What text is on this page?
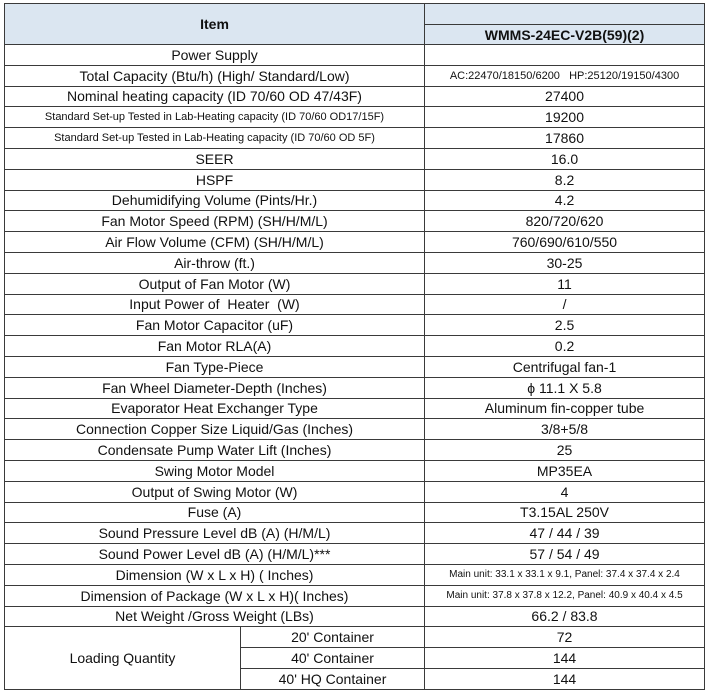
Item		
		WMMS-24EC-V2B(59)(2)
Power Supply		
Total Capacity (Btu/h) (High/ Standard/Low)		AC:22470/18150/6200   HP:25120/19150/4300
Nominal heating capacity (ID 70/60 OD 47/43F)		27400
Standard Set-up Tested in Lab-Heating capacity (ID 70/60 OD17/15F)		19200
Standard Set-up Tested in Lab-Heating capacity (ID 70/60 OD 5F)		17860
SEER		16.0
HSPF		8.2
Dehumidifying Volume (Pints/Hr.)		4.2
Fan Motor Speed (RPM) (SH/H/M/L)		820/720/620
Air Flow Volume (CFM) (SH/H/M/L)		760/690/610/550
Air-throw (ft.)		30-25
Output of Fan Motor (W)		11
Input Power of  Heater  (W)		/
Fan Motor Capacitor (uF)		2.5
Fan Motor RLA(A)		0.2
Fan Type-Piece		Centrifugal fan-1
Fan Wheel Diameter-Depth (Inches)		ϕ 11.1 X 5.8
Evaporator Heat Exchanger Type		Aluminum fin-copper tube
Connection Copper Size Liquid/Gas (Inches)		3/8+5/8
Condensate Pump Water Lift (Inches)		25
Swing Motor Model		MP35EA
Output of Swing Motor (W)		4
Fuse (A)		T3.15AL 250V
Sound Pressure Level dB (A) (H/M/L)		47 / 44 / 39
Sound Power Level dB (A) (H/M/L)***		57 / 54 / 49
Dimension (W x L x H) ( Inches)		Main unit: 33.1 x 33.1 x 9.1, Panel: 37.4 x 37.4 x 2.4
Dimension of Package (W x L x H)( Inches)		Main unit: 37.8 x 37.8 x 12.2, Panel: 40.9 x 40.4 x 4.5
Net Weight /Gross Weight (LBs)		66.2 / 83.8
Loading Quantity	20' Container	72
	40' Container	144
	40' HQ Container	144
